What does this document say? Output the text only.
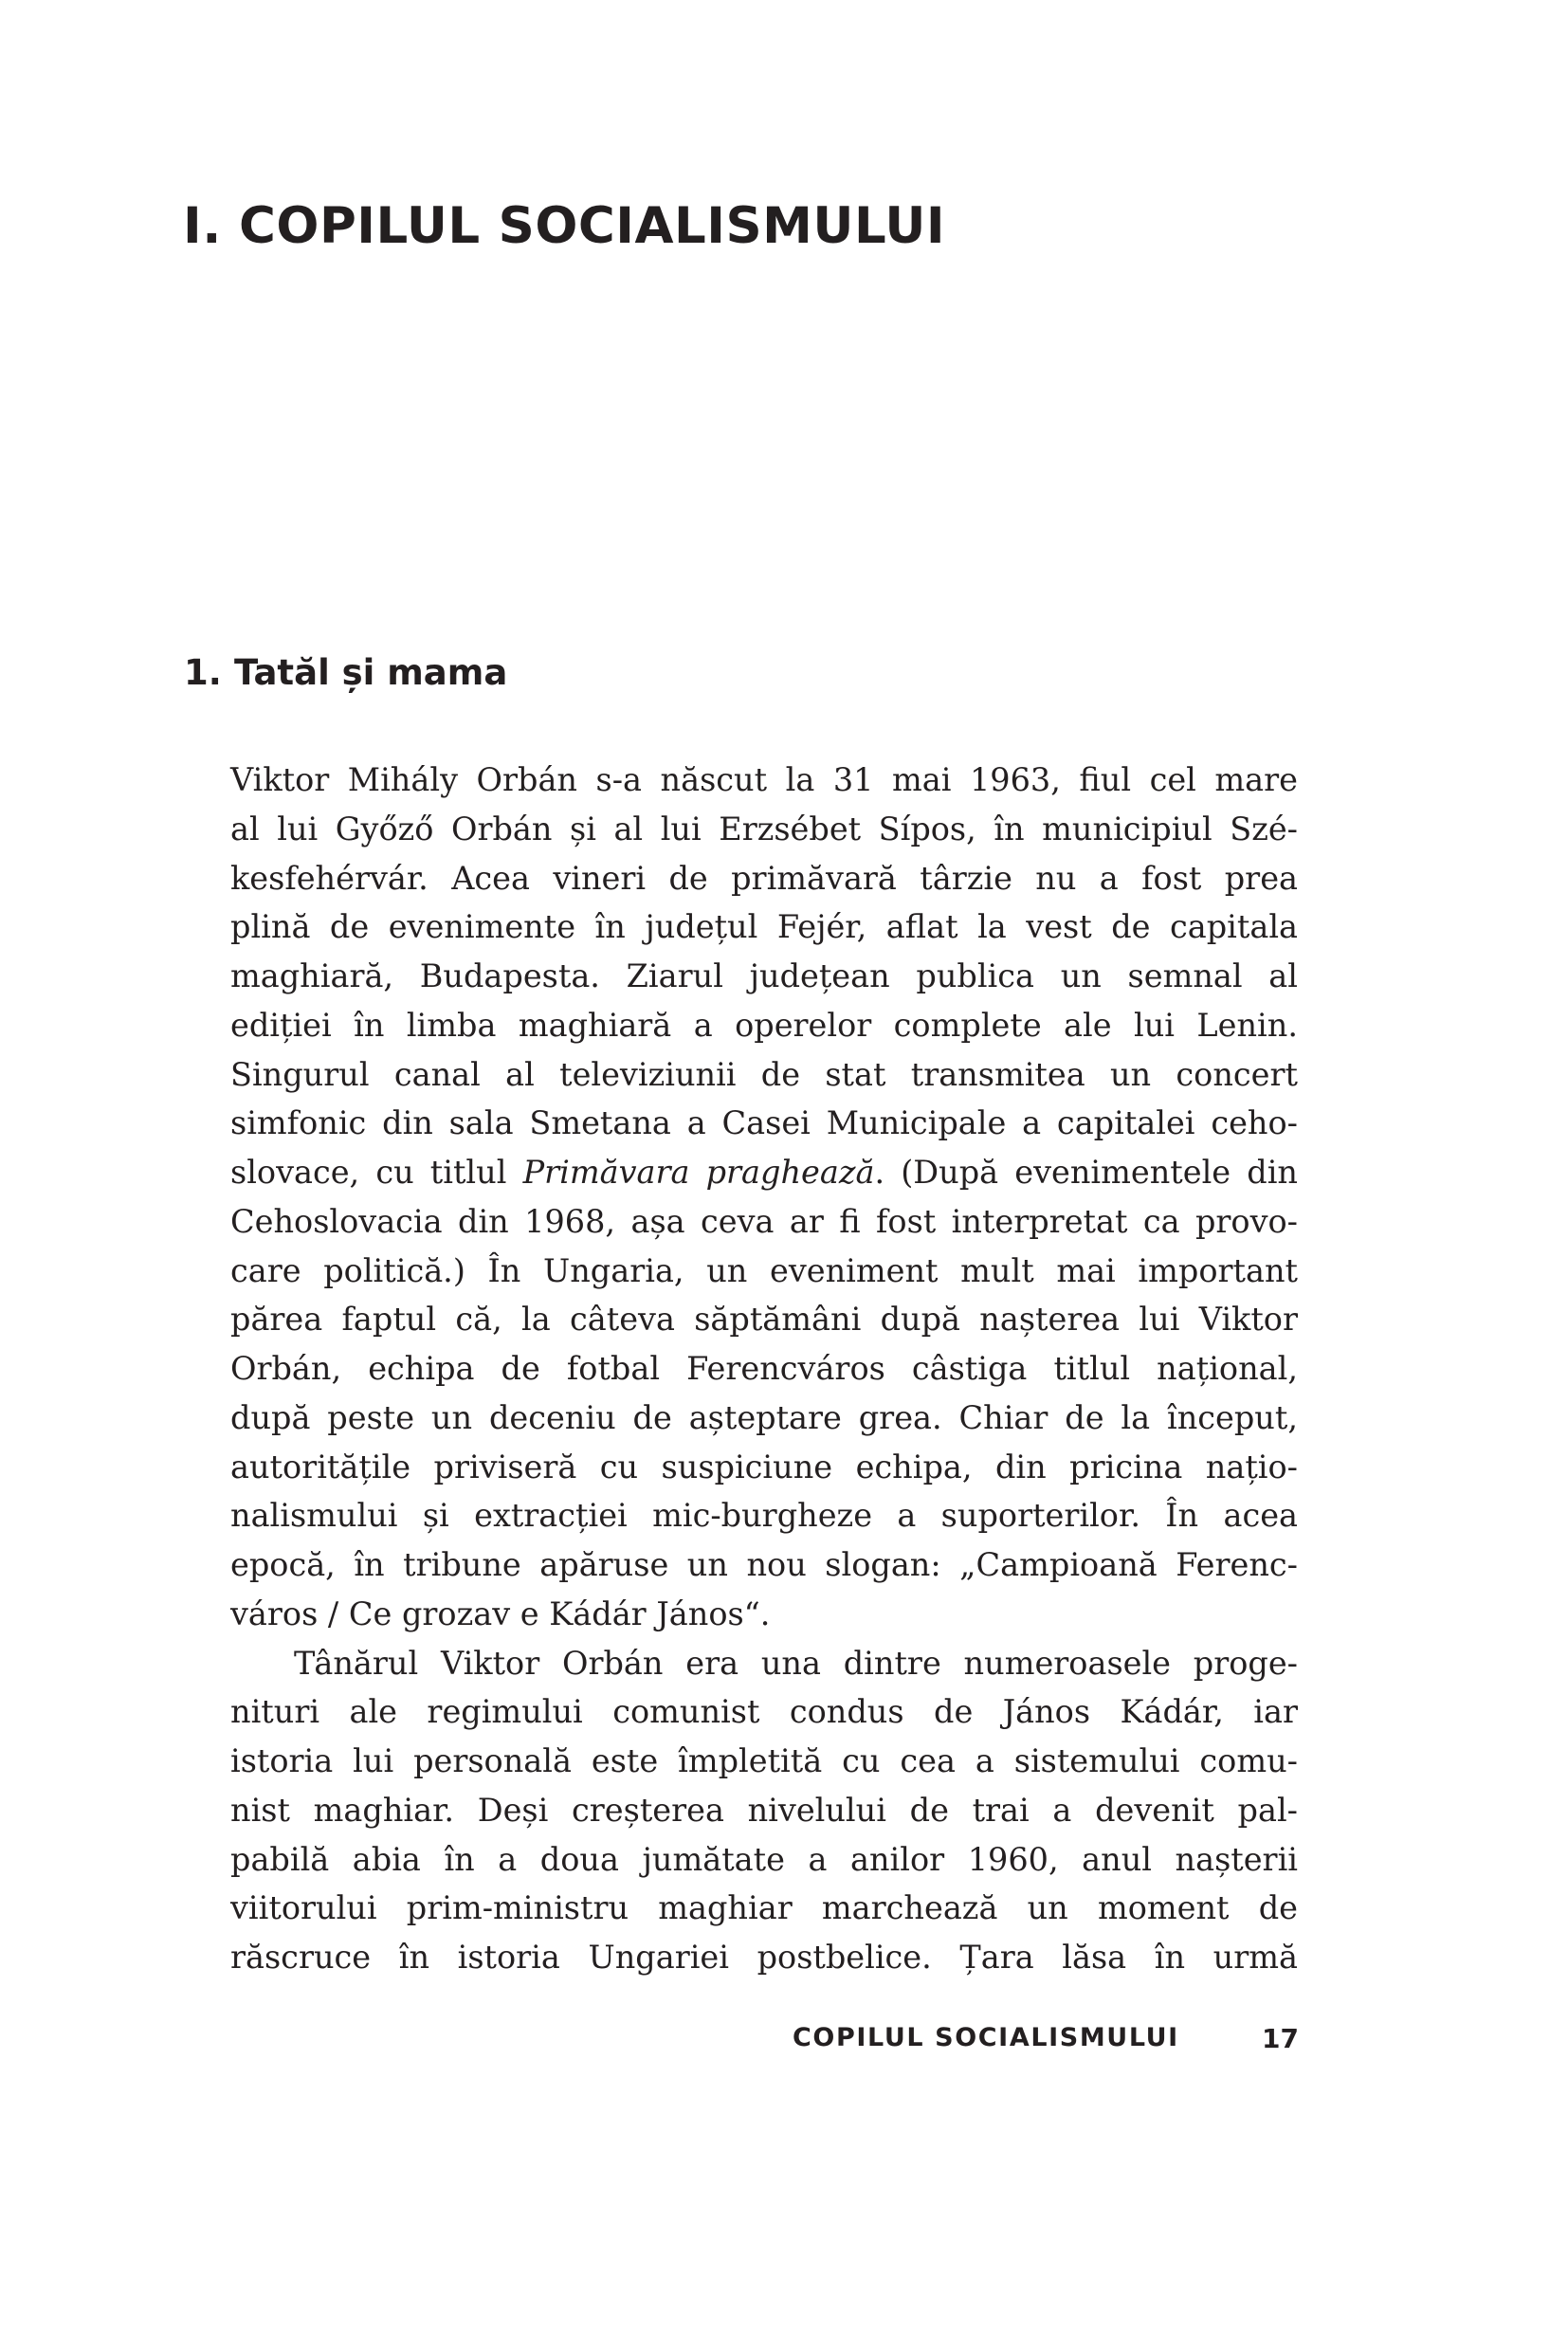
I. COPILUL SOCIALISMULUI
1. Tatăl și mama
Viktor Mihály Orbán s-a născut la 31 mai 1963, fiul cel mare
al lui Győző Orbán și al lui Erzsébet Sípos, în municipiul Szé-
kesfehérvár. Acea vineri de primăvară târzie nu a fost prea
plină de evenimente în județul Fejér, aflat la vest de capitala
maghiară, Budapesta. Ziarul județean publica un semnal al
ediției în limba maghiară a operelor complete ale lui Lenin.
Singurul canal al televiziunii de stat transmitea un concert
simfonic din sala Smetana a Casei Municipale a capitalei ceho-
slovace, cu titlul Primăvara praghează. (După evenimentele din
Cehoslovacia din 1968, așa ceva ar fi fost interpretat ca provo-
care politică.) În Ungaria, un eveniment mult mai important
părea faptul că, la câteva săptămâni după nașterea lui Viktor
Orbán, echipa de fotbal Ferencváros câstiga titlul național,
după peste un deceniu de așteptare grea. Chiar de la început,
autoritățile priviseră cu suspiciune echipa, din pricina națio-
nalismului și extracției mic-burgheze a suporterilor. În acea
epocă, în tribune apăruse un nou slogan: „Campioană Ferenc-
város / Ce grozav e Kádár János“.
Tânărul Viktor Orbán era una dintre numeroasele proge-
nituri ale regimului comunist condus de János Kádár, iar
istoria lui personală este împletită cu cea a sistemului comu-
nist maghiar. Deși creșterea nivelului de trai a devenit pal-
pabilă abia în a doua jumătate a anilor 1960, anul nașterii
viitorului prim-ministru maghiar marchează un moment de
răscruce în istoria Ungariei postbelice. Țara lăsa în urmă
COPILUL SOCIALISMULUI	17
